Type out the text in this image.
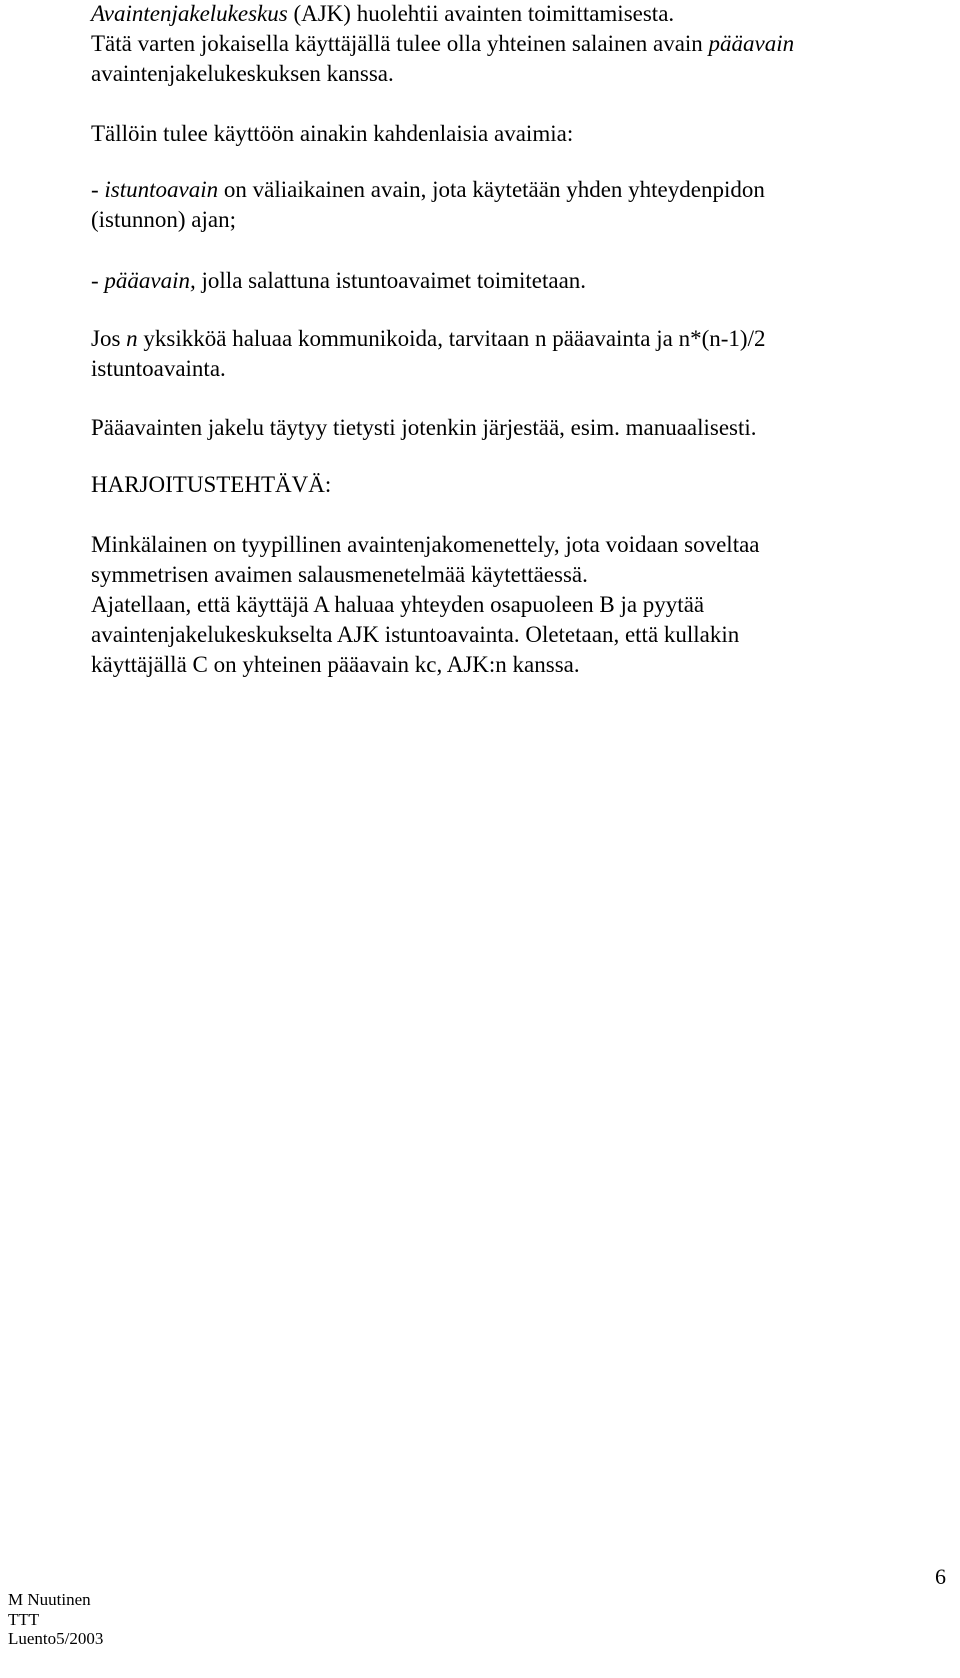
Avaintenjakelukeskus (AJK) huolehtii avainten toimittamisesta.
Tätä varten jokaisella käyttäjällä tulee olla yhteinen salainen avain pääavain
avaintenjakelukeskuksen kanssa.
Tällöin tulee käyttöön ainakin kahdenlaisia avaimia:
- istuntoavain on väliaikainen avain, jota käytetään yhden yhteydenpidon
(istunnon) ajan;
- pääavain, jolla salattuna istuntoavaimet toimitetaan.
Jos n yksikköä haluaa kommunikoida, tarvitaan n pääavainta ja n*(n-1)/2
istuntoavainta.
Pääavainten jakelu täytyy tietysti jotenkin järjestää, esim. manuaalisesti.
HARJOITUSTEHTÄVÄ:
Minkälainen on tyypillinen avaintenjakomenettely, jota voidaan soveltaa
symmetrisen avaimen salausmenetelmää käytettäessä.
Ajatellaan, että käyttäjä A haluaa yhteyden osapuoleen B ja pyytää
avaintenjakelukeskukselta AJK istuntoavainta. Oletetaan, että kullakin
käyttäjällä C on yhteinen pääavain kc, AJK:n kanssa.
M Nuutinen
TTT
Luento5/2003
6
